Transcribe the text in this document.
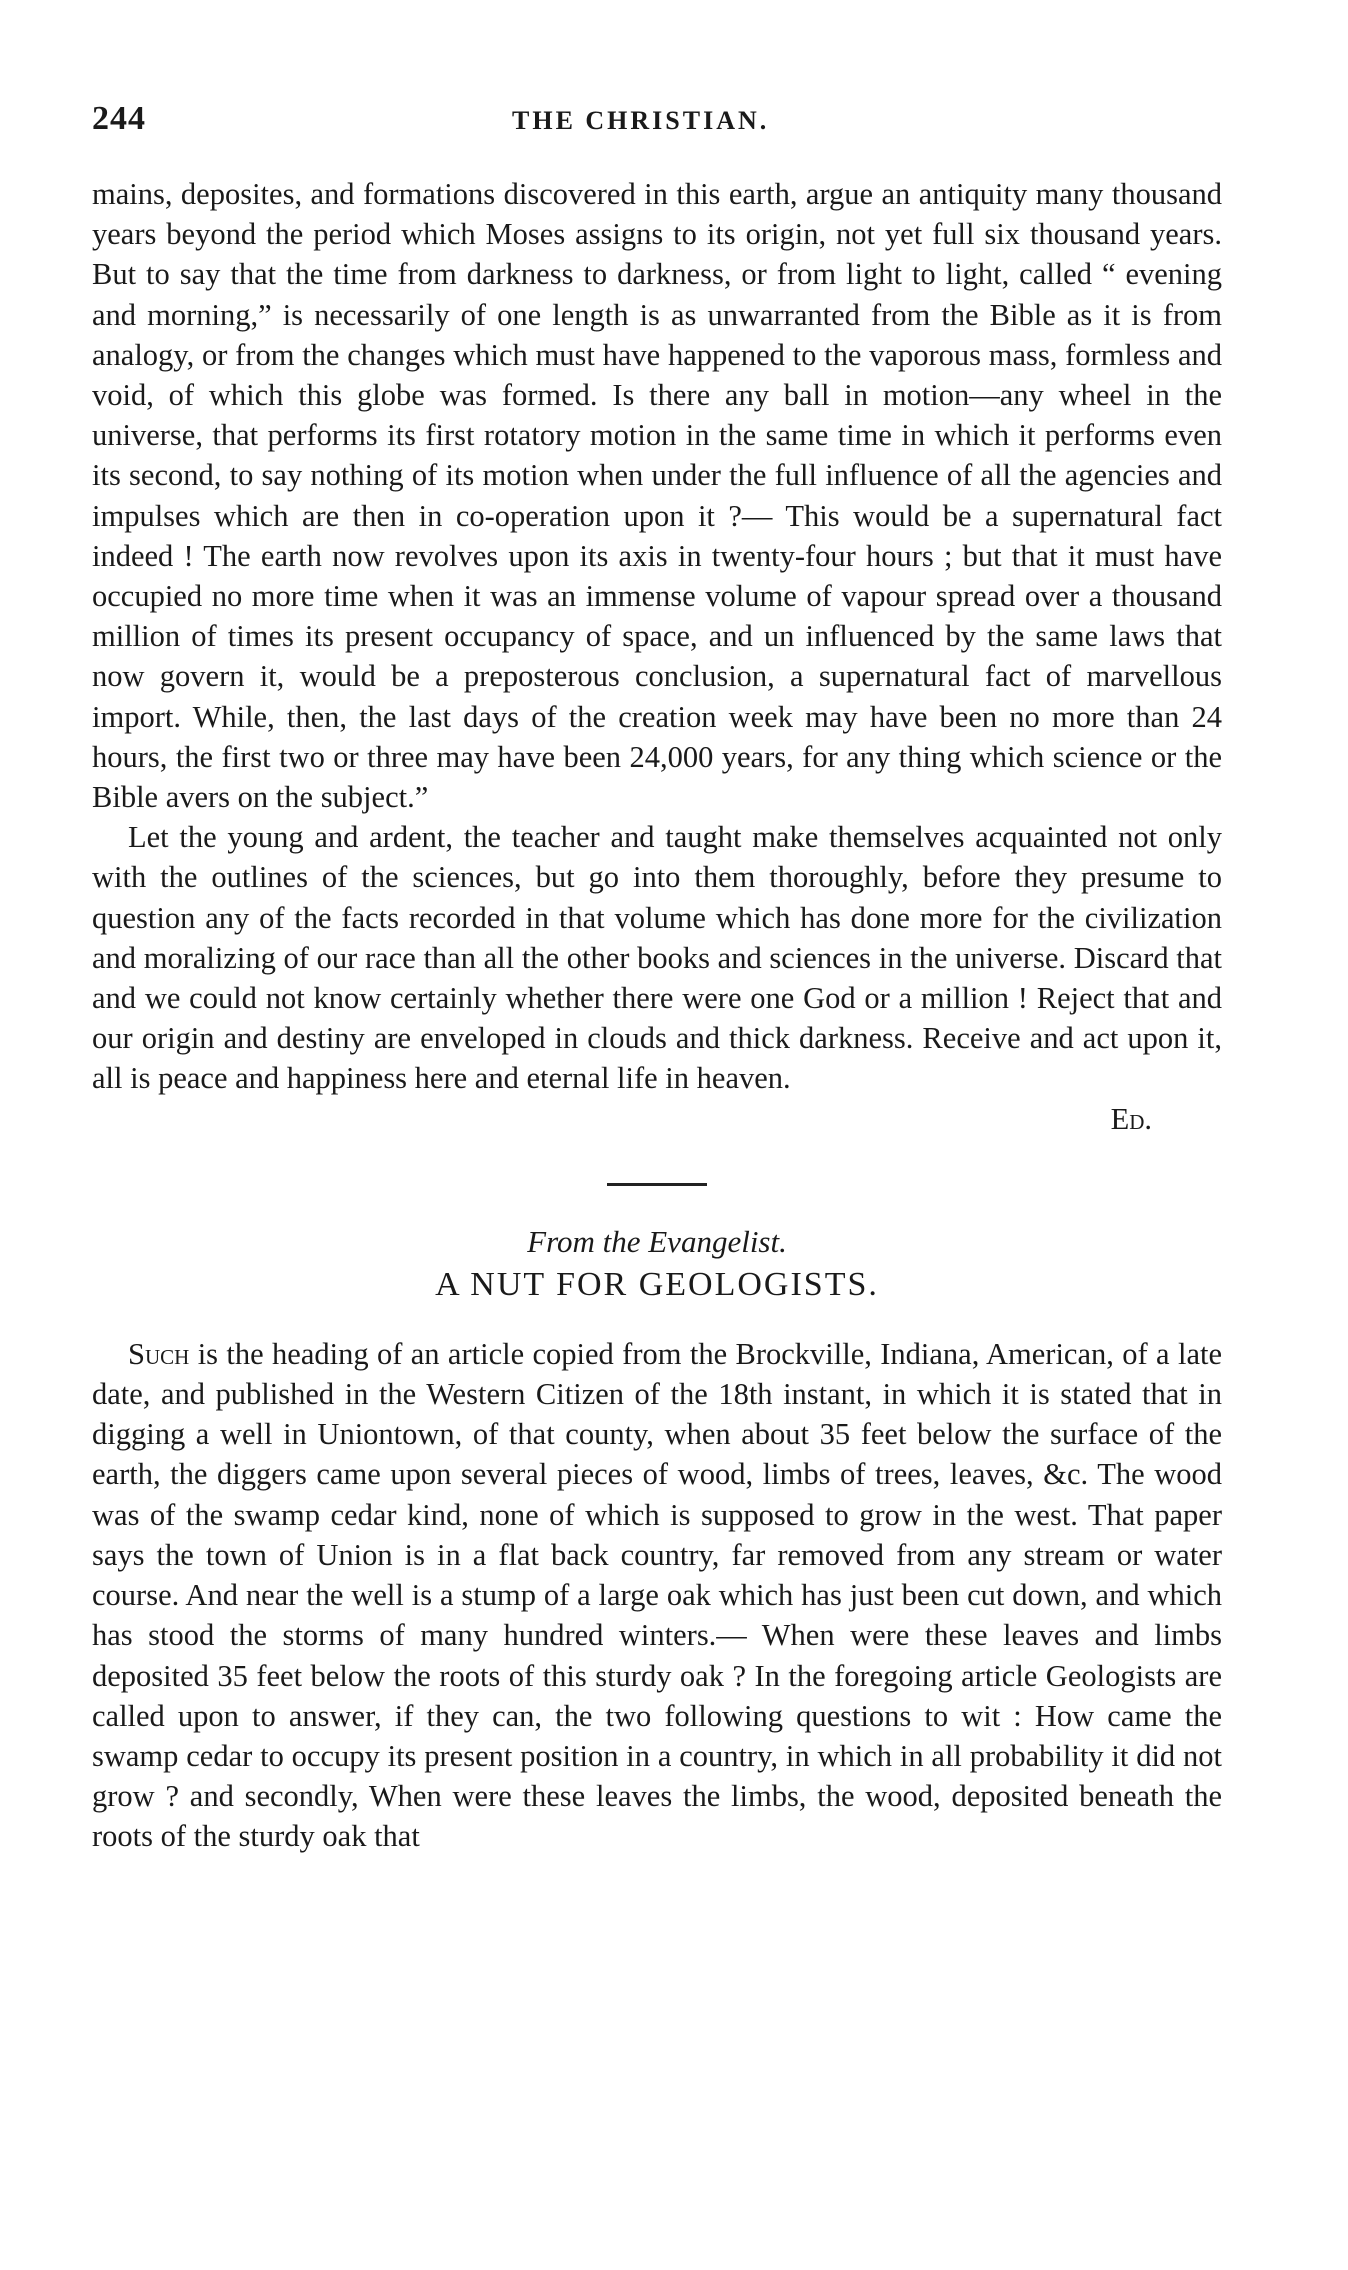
244	THE CHRISTIAN.

mains, deposites, and formations discovered in this earth, argue an antiquity many thousand years beyond the period which Moses assigns to its origin, not yet full six thousand years. But to say that the time from darkness to darkness, or from light to light, called “ evening and morning,” is necessarily of one length is as unwarranted from the Bible as it is from analogy, or from the changes which must have happened to the vaporous mass, formless and void, of which this globe was formed. Is there any ball in motion—any wheel in the universe, that performs its first rotatory motion in the same time in which it performs even its second, to say nothing of its motion when under the full influence of all the agencies and impulses which are then in co-operation upon it ?— This would be a supernatural fact indeed ! The earth now revolves upon its axis in twenty-four hours ; but that it must have occupied no more time when it was an immense volume of vapour spread over a thousand million of times its present occupancy of space, and un influenced by the same laws that now govern it, would be a preposterous conclusion, a supernatural fact of marvellous import. While, then, the last days of the creation week may have been no more than 24 hours, the first two or three may have been 24,000 years, for any thing which science or the Bible avers on the subject.”

Let the young and ardent, the teacher and taught make themselves acquainted not only with the outlines of the sciences, but go into them thoroughly, before they presume to question any of the facts recorded in that volume which has done more for the civilization and moralizing of our race than all the other books and sciences in the universe. Discard that and we could not know certainly whether there were one God or a million ! Reject that and our origin and destiny are enveloped in clouds and thick darkness. Receive and act upon it, all is peace and happiness here and eternal life in heaven.
Ed.

From the Evangelist.
A NUT FOR GEOLOGISTS.

Such is the heading of an article copied from the Brockville, Indiana, American, of a late date, and published in the Western Citizen of the 18th instant, in which it is stated that in digging a well in Uniontown, of that county, when about 35 feet below the surface of the earth, the diggers came upon several pieces of wood, limbs of trees, leaves, &c. The wood was of the swamp cedar kind, none of which is supposed to grow in the west. That paper says the town of Union is in a flat back country, far removed from any stream or water course. And near the well is a stump of a large oak which has just been cut down, and which has stood the storms of many hundred winters.— When were these leaves and limbs deposited 35 feet below the roots of this sturdy oak ? In the foregoing article Geologists are called upon to answer, if they can, the two following questions to wit : How came the swamp cedar to occupy its present position in a country, in which in all probability it did not grow ? and secondly, When were these leaves the limbs, the wood, deposited beneath the roots of the sturdy oak that
